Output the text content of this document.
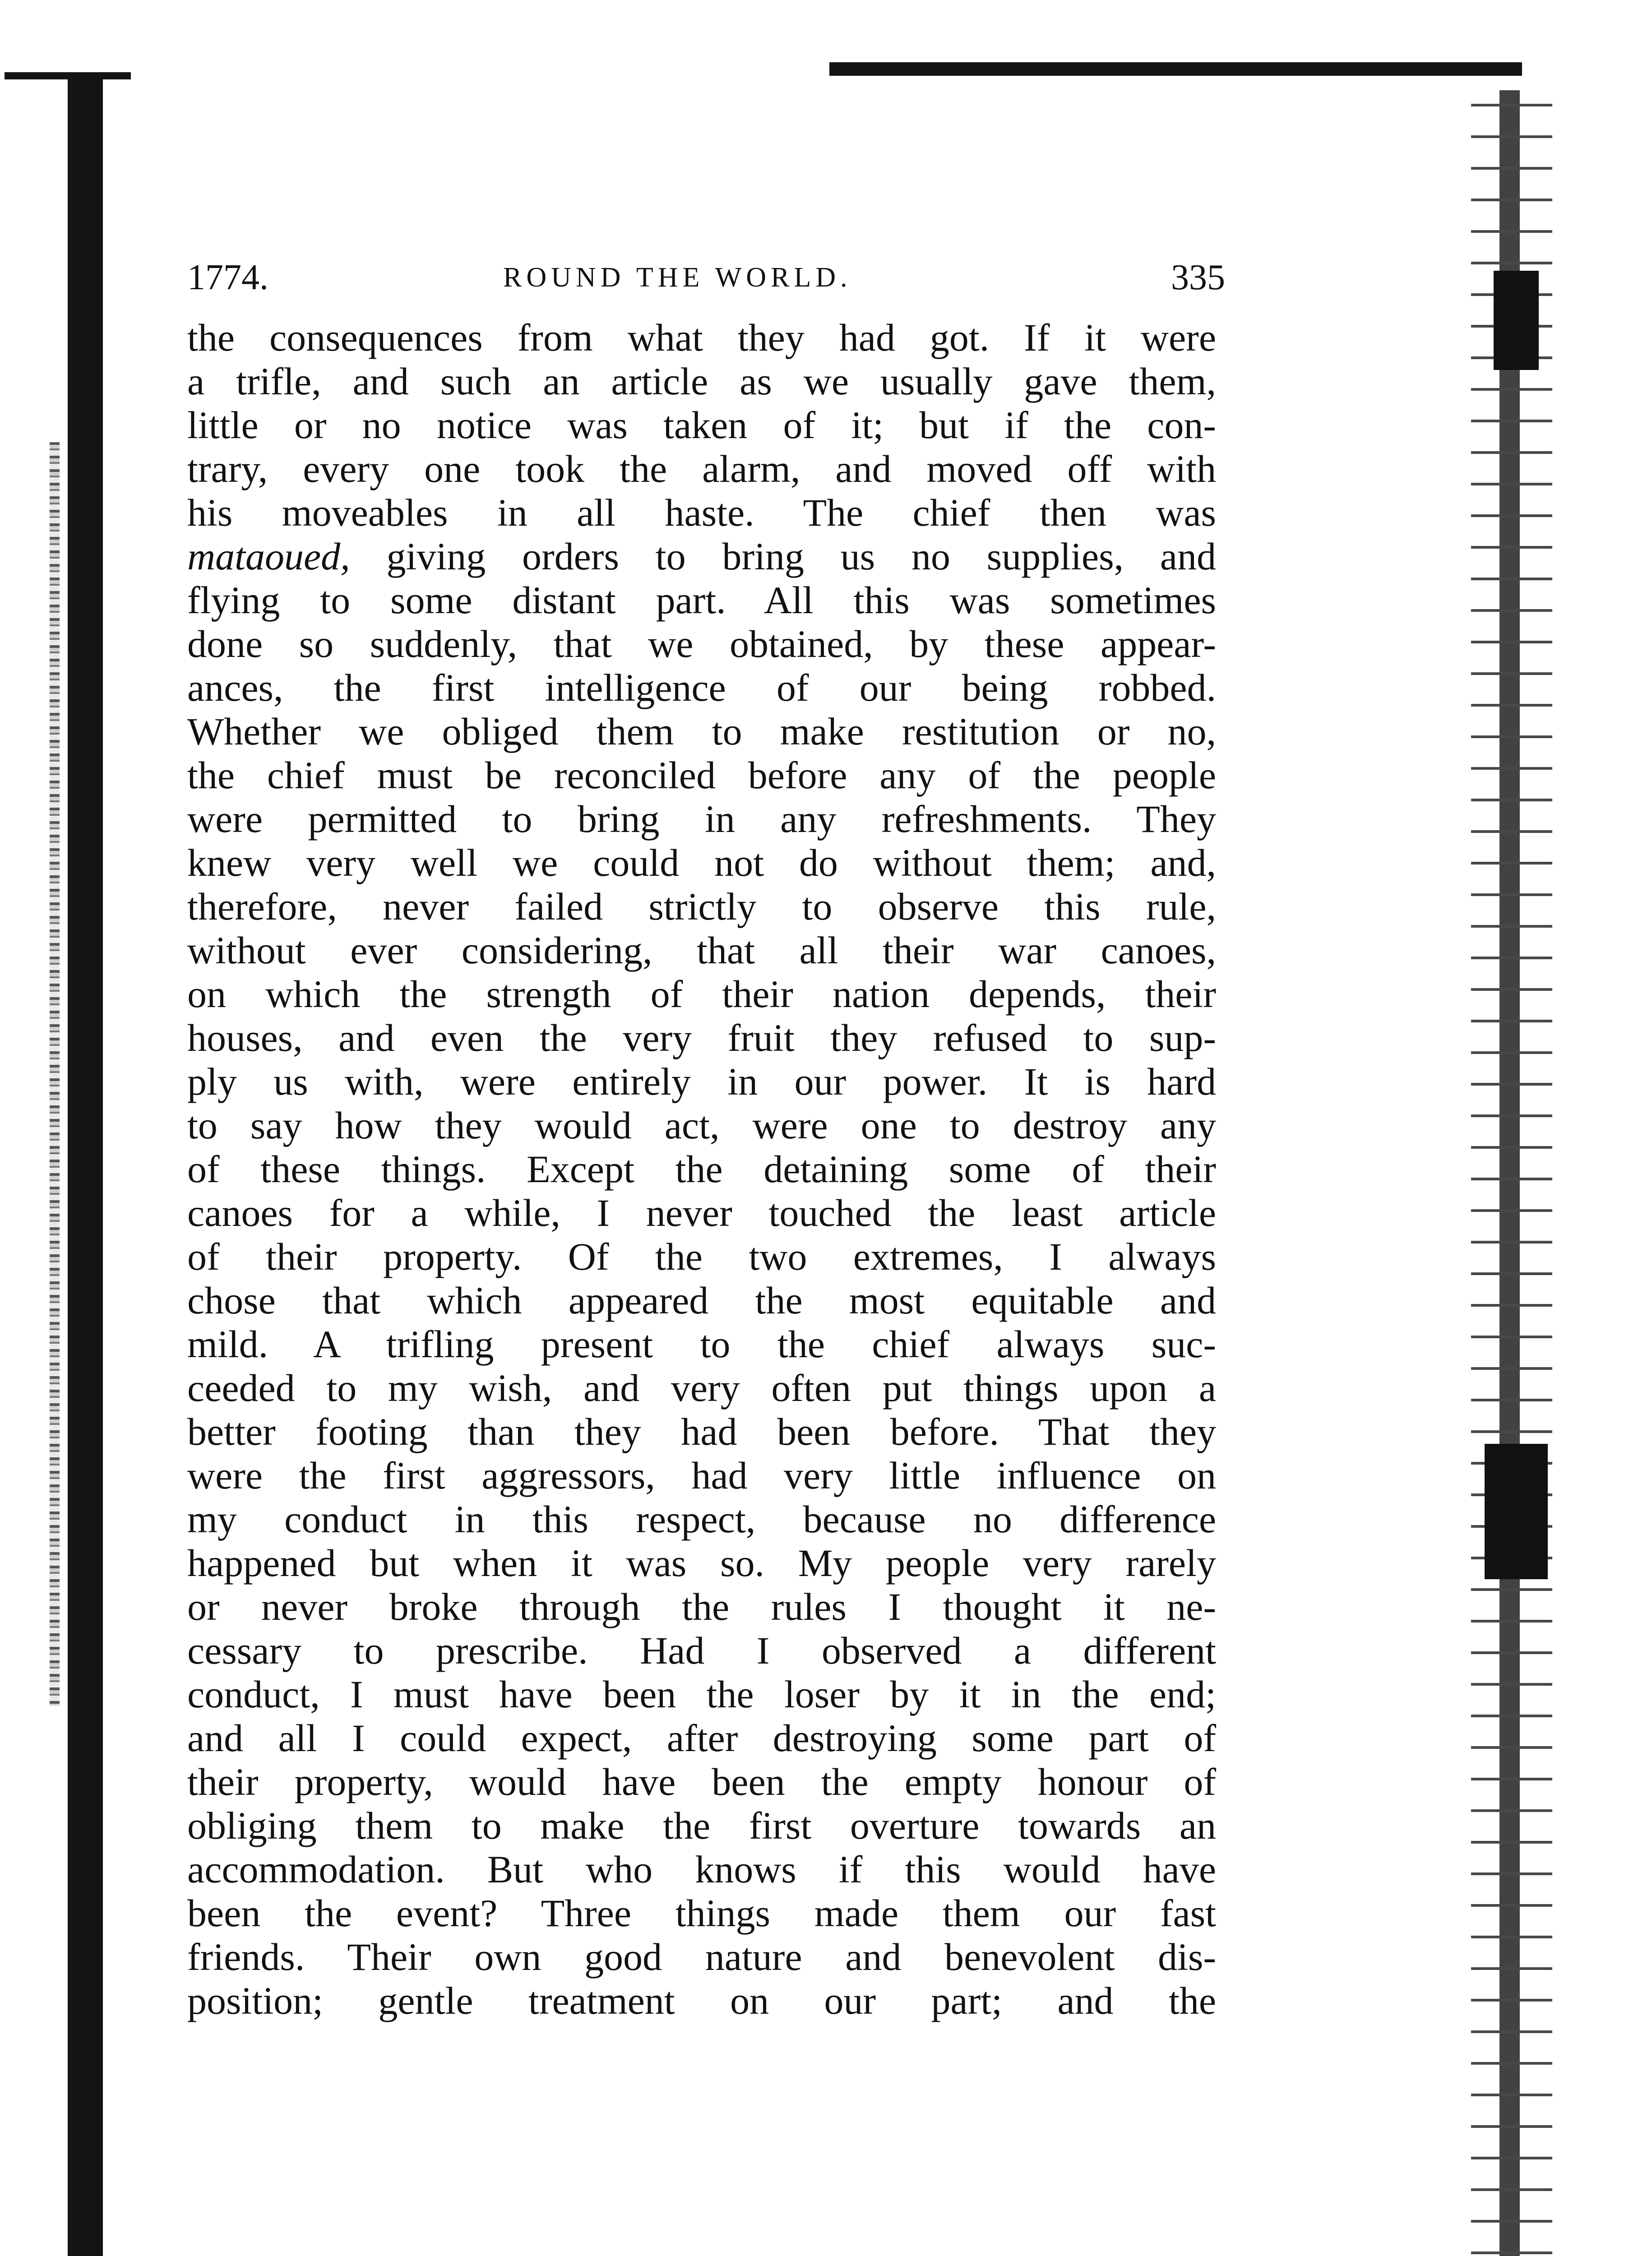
1774.	ROUND THE WORLD.	335
the consequences from what they had got. If it were
a trifle, and such an article as we usually gave them,
little or no notice was taken of it; but if the con-
trary, every one took the alarm, and moved off with
his moveables in all haste. The chief then was
mataoued, giving orders to bring us no supplies, and
flying to some distant part. All this was sometimes
done so suddenly, that we obtained, by these appear-
ances, the first intelligence of our being robbed.
Whether we obliged them to make restitution or no,
the chief must be reconciled before any of the people
were permitted to bring in any refreshments. They
knew very well we could not do without them; and,
therefore, never failed strictly to observe this rule,
without ever considering, that all their war canoes,
on which the strength of their nation depends, their
houses, and even the very fruit they refused to sup-
ply us with, were entirely in our power. It is hard
to say how they would act, were one to destroy any
of these things. Except the detaining some of their
canoes for a while, I never touched the least article
of their property. Of the two extremes, I always
chose that which appeared the most equitable and
mild. A trifling present to the chief always suc-
ceeded to my wish, and very often put things upon a
better footing than they had been before. That they
were the first aggressors, had very little influence on
my conduct in this respect, because no difference
happened but when it was so. My people very rarely
or never broke through the rules I thought it ne-
cessary to prescribe. Had I observed a different
conduct, I must have been the loser by it in the end;
and all I could expect, after destroying some part of
their property, would have been the empty honour of
obliging them to make the first overture towards an
accommodation. But who knows if this would have
been the event? Three things made them our fast
friends. Their own good nature and benevolent dis-
position; gentle treatment on our part; and the
